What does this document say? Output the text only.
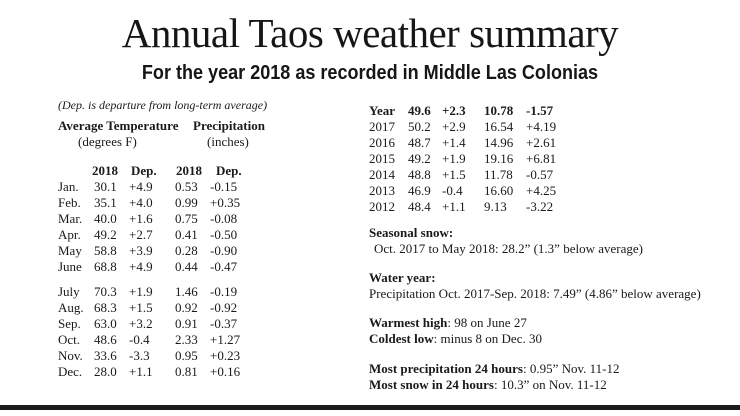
Annual Taos weather summary
For the year 2018 as recorded in Middle Las Colonias
(Dep. is departure from long-term average)
Average Temperature
(degrees F)
Precipitation
(inches)
2018 Dep. 2018 Dep.
Jan. 30.1 +4.9 0.53 -0.15
Feb. 35.1 +4.0 0.99 +0.35
Mar. 40.0 +1.6 0.75 -0.08
Apr. 49.2 +2.7 0.41 -0.50
May 58.8 +3.9 0.28 -0.90
June 68.8 +4.9 0.44 -0.47
July 70.3 +1.9 1.46 -0.19
Aug. 68.3 +1.5 0.92 -0.92
Sep. 63.0 +3.2 0.91 -0.37
Oct. 48.6 -0.4 2.33 +1.27
Nov. 33.6 -3.3 0.95 +0.23
Dec. 28.0 +1.1 0.81 +0.16
Year 49.6 +2.3 10.78 -1.57
2017 50.2 +2.9 16.54 +4.19
2016 48.7 +1.4 14.96 +2.61
2015 49.2 +1.9 19.16 +6.81
2014 48.8 +1.5 11.78 -0.57
2013 46.9 -0.4 16.60 +4.25
2012 48.4 +1.1 9.13 -3.22
Seasonal snow:
Oct. 2017 to May 2018: 28.2” (1.3” below average)
Water year:
Precipitation Oct. 2017-Sep. 2018: 7.49” (4.86” below average)
Warmest high: 98 on June 27
Coldest low: minus 8 on Dec. 30
Most precipitation 24 hours: 0.95” Nov. 11-12
Most snow in 24 hours: 10.3” on Nov. 11-12
